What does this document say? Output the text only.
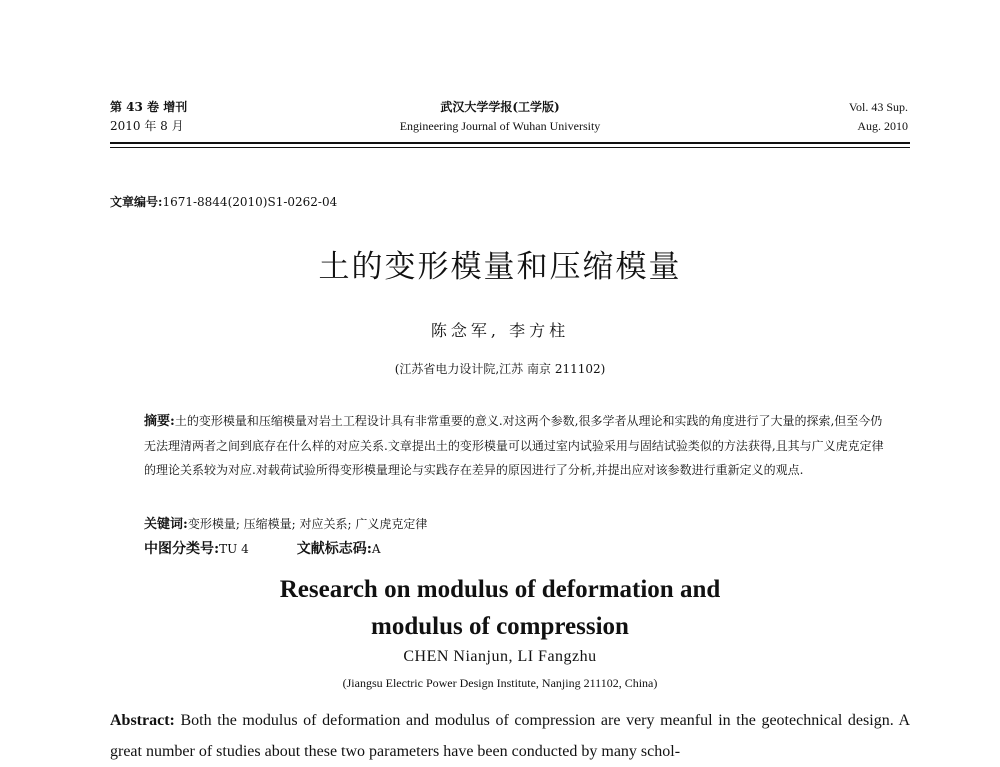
第 43 卷 增刊
2010 年 8 月
武汉大学学报(工学版)
Engineering Journal of Wuhan University
Vol. 43 Sup.
Aug. 2010
文章编号:1671-8844(2010)S1-0262-04
土的变形模量和压缩模量
陈念军, 李方柱
(江苏省电力设计院,江苏 南京 211102)
摘要:土的变形模量和压缩模量对岩土工程设计具有非常重要的意义.对这两个参数,很多学者从理论和实践的角度进行了大量的探索,但至今仍无法理清两者之间到底存在什么样的对应关系.文章提出土的变形模量可以通过室内试验采用与固结试验类似的方法获得,且其与广义虎克定律的理论关系较为对应.对载荷试验所得变形模量理论与实践存在差异的原因进行了分析,并提出应对该参数进行重新定义的观点.
关键词:变形模量; 压缩模量; 对应关系; 广义虎克定律
中图分类号:TU 4	文献标志码:A
Research on modulus of deformation and
modulus of compression
CHEN Nianjun, LI Fangzhu
(Jiangsu Electric Power Design Institute, Nanjing 211102, China)
Abstract: Both the modulus of deformation and modulus of compression are very meanful in the geotechnical design. A great number of studies about these two parameters have been conducted by many schol-
